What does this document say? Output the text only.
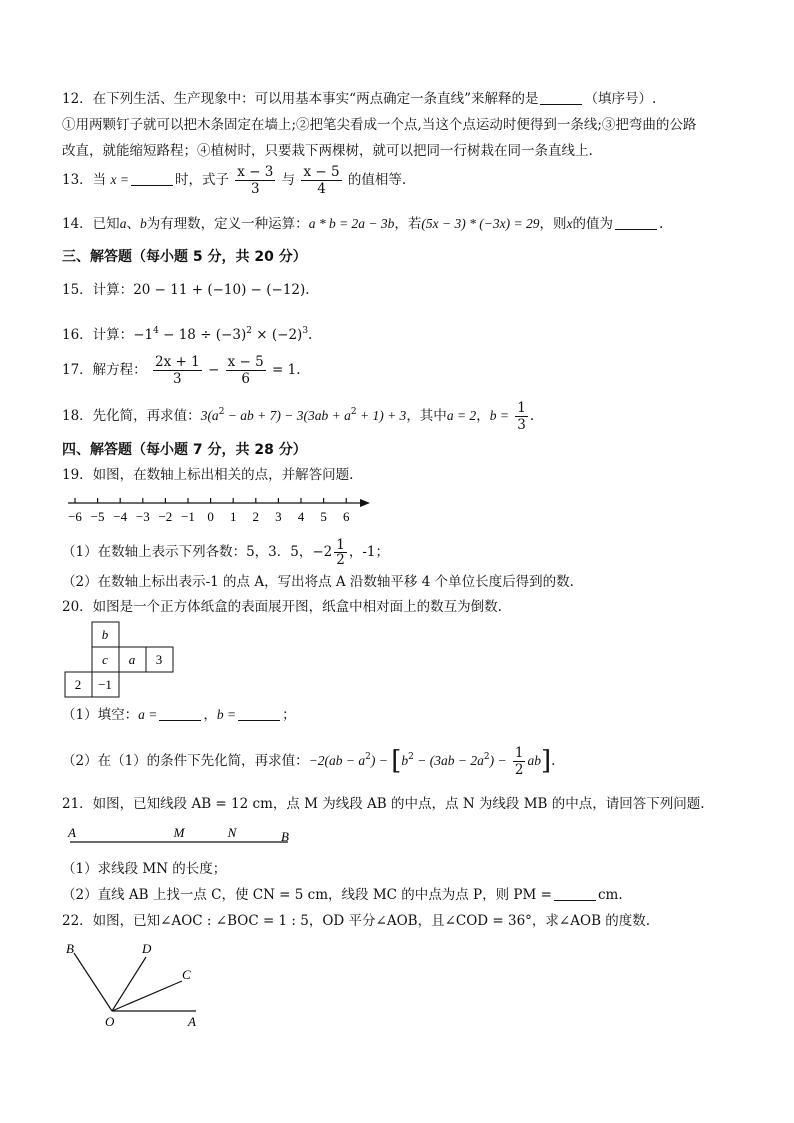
12．在下列生活、生产现象中：可以用基本事实“两点确定一条直线”来解释的是	（填序号）.
①用两颗钉子就可以把木条固定在墙上;②把笔尖看成一个点,当这个点运动时便得到一条线;③把弯曲的公路
改直，就能缩短路程；④植树时，只要栽下两棵树，就可以把同一行树栽在同一条直线上.
13．当 x =	时，式子 $\frac{x - 3}{3}$ 与 $\frac{x - 5}{4}$ 的值相等.
14．已知a、b为有理数，定义一种运算：a * b = 2a − 3b，若(5x − 3) * (−3x) = 29，则x的值为	.
三、解答题（每小题 5 分，共 20 分）
15．计算：20 − 11 + (−10) − (−12).
16．计算：$-1^4 - 18 \div (-3)^2 \times (-2)^3$.
17．解方程： $\frac{2x + 1}{3} - \frac{x - 5}{6} = 1$.
18．先化简，再求值：$3(a^2$ − ab + $7) - 3(3ab + a^2 + 1) + 3$，其中a = 2，$b = \frac{1}{3}$ .
四、解答题（每小题 7 分，共 28 分）
19．如图，在数轴上标出相关的点，并解答问题.
−6 −5 −4 −3 −2 −1 0 1 2 3 4 5 6
（1）在数轴上表示下列各数：5，3．5，$-2 \frac{1}{2}$ ，-1；
（2）在数轴上标出表示-1 的点 A，写出将点 A 沿数轴平移 4 个单位长度后得到的数.
20．如图是一个正方体纸盒的表面展开图，纸盒中相对面上的数互为倒数.
b
c a 3
2 −1
（1）填空：a =	，b =	；
（2）在（1）的条件下先化简，再求值：$-2(ab - a^2) - [b^2 - (3ab - 2a^2) - \frac{1}{2} ab]$.
21．如图，已知线段 AB = 12 cm，点 M 为线段 AB 的中点，点 N 为线段 MB 的中点，请回答下列问题.
A	M	N	B
（1）求线段 MN 的长度；
（2）直线 AB 上找一点 C，使 CN = 5 cm，线段 MC 的中点为点 P，则 PM =	cm.
22．如图，已知∠AOC : ∠BOC = 1 : 5，OD 平分∠AOB，且∠COD = 36°，求∠AOB 的度数.
B	D
C
O	A
